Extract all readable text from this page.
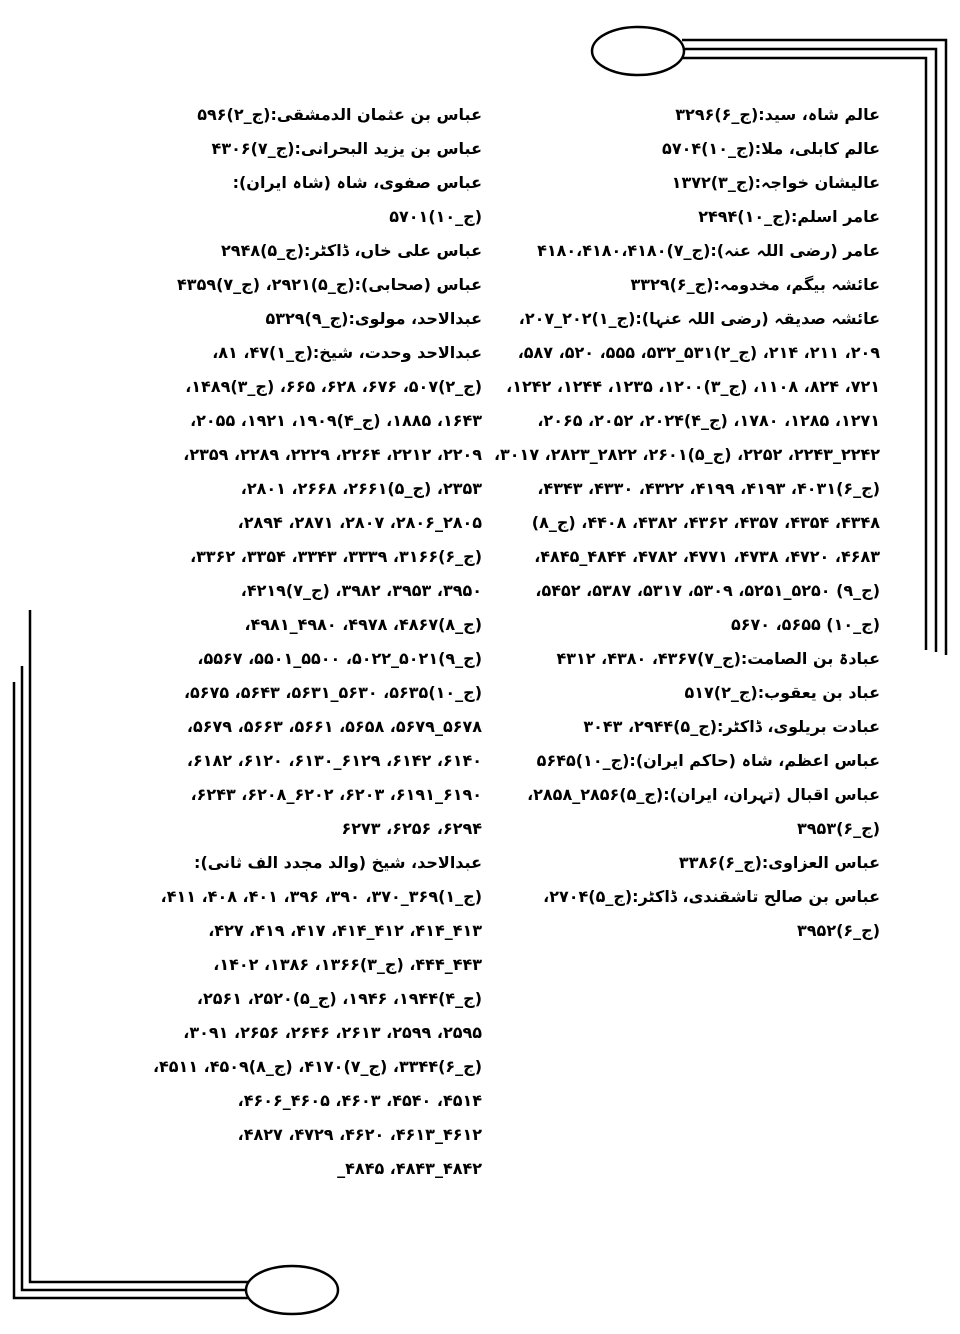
عالم شاہ، سید:(ج_۶)۳۲۹۶

عالم کابلی، ملا:(ج_۱۰)۵۷۰۴

عالیشان خواجہ:(ج_۳)۱۳۷۲

عامر اسلم:(ج_۱۰)۲۴۹۴

عامر (رضی اللہ عنہ):(ج_۷)۴۱۸۰،۴۱۸۰،۴۱۸۰

عائشہ بیگم، مخدومہ:(ج_۶)۳۳۲۹

عائشہ صدیقہ (رضی اللہ عنہا):(ج_۱)۲۰۲_۲۰۷، ۲۰۹، ۲۱۱، ۲۱۴، (ج_۲)۵۳۱_۵۳۲، ۵۵۵، ۵۲۰، ۵۸۷، ۷۲۱، ۸۲۴، ۱۱۰۸، (ج_۳)۱۲۰۰، ۱۲۳۵، ۱۲۴۴، ۱۲۴۲، ۱۲۷۱، ۱۲۸۵، ۱۷۸۰، (ج_۴)۲۰۲۴، ۲۰۵۲، ۲۰۶۵، ۲۲۴۲_۲۲۴۳، ۲۲۵۲، (ج_۵)۲۶۰۱، ۲۸۲۲_۲۸۲۳، ۳۰۱۷، (ج_۶)۴۰۳۱، ۴۱۹۳، ۴۱۹۹، ۴۳۲۲، ۴۳۳۰، ۴۳۴۳، ۴۳۴۸، ۴۳۵۴، ۴۳۵۷، ۴۳۶۲، ۴۳۸۲، ۴۴۰۸، (ج_۸) ۴۶۸۳، ۴۷۲۰، ۴۷۳۸، ۴۷۷۱، ۴۷۸۲، ۴۸۴۴_۴۸۴۵، (ج_۹) ۵۲۵۰_۵۲۵۱، ۵۳۰۹، ۵۳۱۷، ۵۳۸۷، ۵۴۵۲، (ج_۱۰) ۵۶۵۵، ۵۶۷۰

عبادۃ بن الصامت:(ج_۷)۴۳۶۷، ۴۳۸۰، ۴۳۱۲

عباد بن یعقوب:(ج_۲)۵۱۷

عبادت بریلوی، ڈاکٹر:(ج_۵)۲۹۴۴، ۳۰۴۳

عباس اعظم، شاہ (حاکم ایران):(ج_۱۰)۵۶۴۵

عباس اقبال (تہران، ایران):(ج_۵)۲۸۵۶_۲۸۵۸، (ج_۶)۳۹۵۳

عباس العزاوی:(ج_۶)۳۳۸۶

عباس بن صالح تاشقندی، ڈاکٹر:(ج_۵)۲۷۰۴، (ج_۶)۳۹۵۲

عباس بن عثمان الدمشقی:(ج_۲)۵۹۶

عباس بن یزید البحرانی:(ج_۷)۴۳۰۶

عباس صفوی، شاہ (شاہ ایران):(ج_۱۰)۵۷۰۱

عباس علی خاں، ڈاکٹر:(ج_۵)۲۹۴۸

عباس (صحابی):(ج_۵)۲۹۲۱، (ج_۷)۴۳۵۹

عبدالاحد، مولوی:(ج_۹)۵۳۲۹

عبدالاحد وحدت، شیخ:(ج_۱)۴۷، ۸۱، (ج_۲)۵۰۷، ۶۷۶، ۶۲۸، ۶۶۵، (ج_۳)۱۴۸۹، ۱۶۴۳، ۱۸۸۵، (ج_۴)۱۹۰۹، ۱۹۲۱، ۲۰۵۵، ۲۲۰۹، ۲۲۱۲، ۲۲۶۴، ۲۲۲۹، ۲۲۸۹، ۲۳۵۹، ۲۳۵۳، (ج_۵)۲۶۶۱، ۲۶۶۸، ۲۸۰۱، ۲۸۰۵_۲۸۰۶، ۲۸۰۷، ۲۸۷۱، ۲۸۹۴، (ج_۶)۳۱۶۶، ۳۳۳۹، ۳۳۴۳، ۳۳۵۴، ۳۳۶۲، ۳۹۵۰، ۳۹۵۳، ۳۹۸۲، (ج_۷)۴۲۱۹، (ج_۸)۴۸۶۷، ۴۹۷۸، ۴۹۸۰_۴۹۸۱، (ج_۹)۵۰۲۱_۵۰۲۲، ۵۵۰۰_۵۵۰۱، ۵۵۶۷، (ج_۱۰)۵۶۳۵، ۵۶۳۰_۵۶۳۱، ۵۶۴۳، ۵۶۷۵، ۵۶۷۸_۵۶۷۹، ۵۶۵۸، ۵۶۶۱، ۵۶۶۳، ۵۶۷۹، ۶۱۴۰، ۶۱۴۲، ۶۱۲۹_۶۱۳۰، ۶۱۲۰، ۶۱۸۲، ۶۱۹۰_۶۱۹۱، ۶۲۰۳، ۶۲۰۲_۶۲۰۸، ۶۲۴۳، ۶۲۹۴، ۶۲۵۶، ۶۲۷۳

عبدالاحد، شیخ (والد مجدد الف ثانی):(ج_۱)۳۶۹_۳۷۰، ۳۹۰، ۳۹۶، ۴۰۱، ۴۰۸، ۴۱۱، ۴۱۳_۴۱۴، ۴۱۲_۴۱۴، ۴۱۷، ۴۱۹، ۴۲۷، ۴۴۳_۴۴۴، (ج_۳)۱۳۶۶، ۱۳۸۶، ۱۴۰۲، (ج_۴)۱۹۴۴، ۱۹۴۶، (ج_۵)۲۵۲۰، ۲۵۶۱، ۲۵۹۵، ۲۵۹۹، ۲۶۱۳، ۲۶۴۶، ۲۶۵۶، ۳۰۹۱، (ج_۶)۳۳۴۴، (ج_۷)۴۱۷۰، (ج_۸)۴۵۰۹، ۴۵۱۱، ۴۵۱۴، ۴۵۴۰، ۴۶۰۳، ۴۶۰۵_۴۶۰۶، ۴۶۱۲_۴۶۱۳، ۴۶۲۰، ۴۷۲۹، ۴۸۲۷، ۴۸۴۲_۴۸۴۳، ۴۸۴۵_
